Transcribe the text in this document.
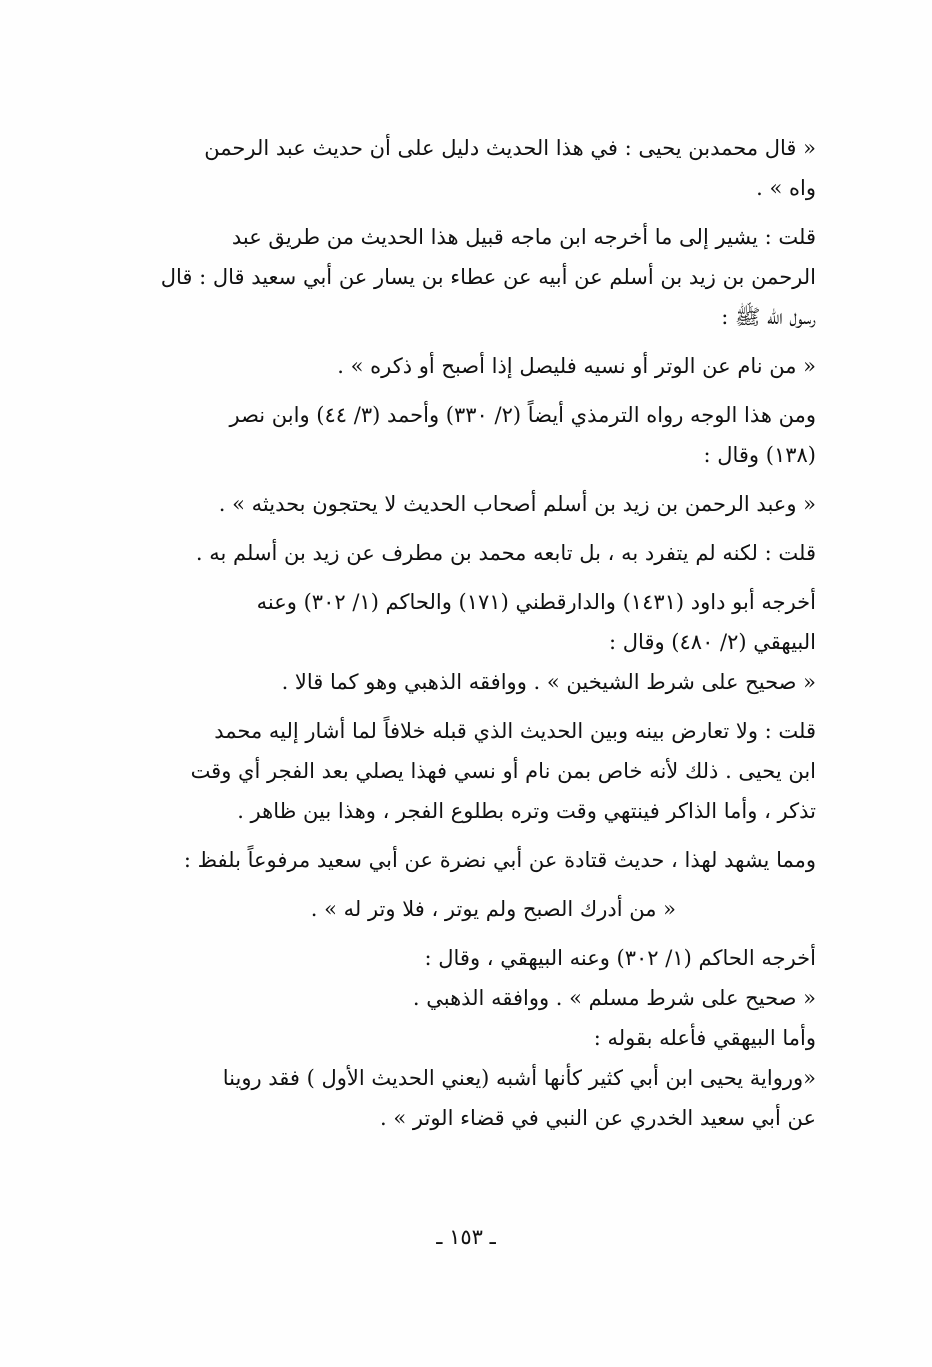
« قال محمدبن يحيى : في هذا الحديث دليل على أن حديث عبد الرحمن
واه » .
قلت : يشير إلى ما أخرجه ابن ماجه قبيل هذا الحديث من طريق عبد
الرحمن بن زيد بن أسلم عن أبيه عن عطاء بن يسار عن أبي سعيد قال : قال
رسول الله ﷺ :
« من نام عن الوتر أو نسيه فليصل إذا أصبح أو ذكره » .
ومن هذا الوجه رواه الترمذي أيضاً (٢/ ٣٣٠) وأحمد (٣/ ٤٤) وابن نصر
(١٣٨) وقال :
« وعبد الرحمن بن زيد بن أسلم أصحاب الحديث لا يحتجون بحديثه » .
قلت : لكنه لم يتفرد به ، بل تابعه محمد بن مطرف عن زيد بن أسلم به .
أخرجه أبو داود (١٤٣١) والدارقطني (١٧١) والحاكم (١/ ٣٠٢) وعنه
البيهقي (٢/ ٤٨٠) وقال :
« صحيح على شرط الشيخين » . ووافقه الذهبي وهو كما قالا .
قلت : ولا تعارض بينه وبين الحديث الذي قبله خلافاً لما أشار إليه محمد
ابن يحيى . ذلك لأنه خاص بمن نام أو نسي فهذا يصلي بعد الفجر أي وقت
تذكر ، وأما الذاكر فينتهي وقت وتره بطلوع الفجر ، وهذا بين ظاهر .
ومما يشهد لهذا ، حديث قتادة عن أبي نضرة عن أبي سعيد مرفوعاً بلفظ :
« من أدرك الصبح ولم يوتر ، فلا وتر له » .
أخرجه الحاكم (١/ ٣٠٢) وعنه البيهقي ، وقال :
« صحيح على شرط مسلم » . ووافقه الذهبي .
وأما البيهقي فأعله بقوله :
«ورواية يحيى ابن أبي كثير كأنها أشبه (يعني الحديث الأول ) فقد روينا
عن أبي سعيد الخدري عن النبي في قضاء الوتر » .
ـ ١٥٣ ـ
